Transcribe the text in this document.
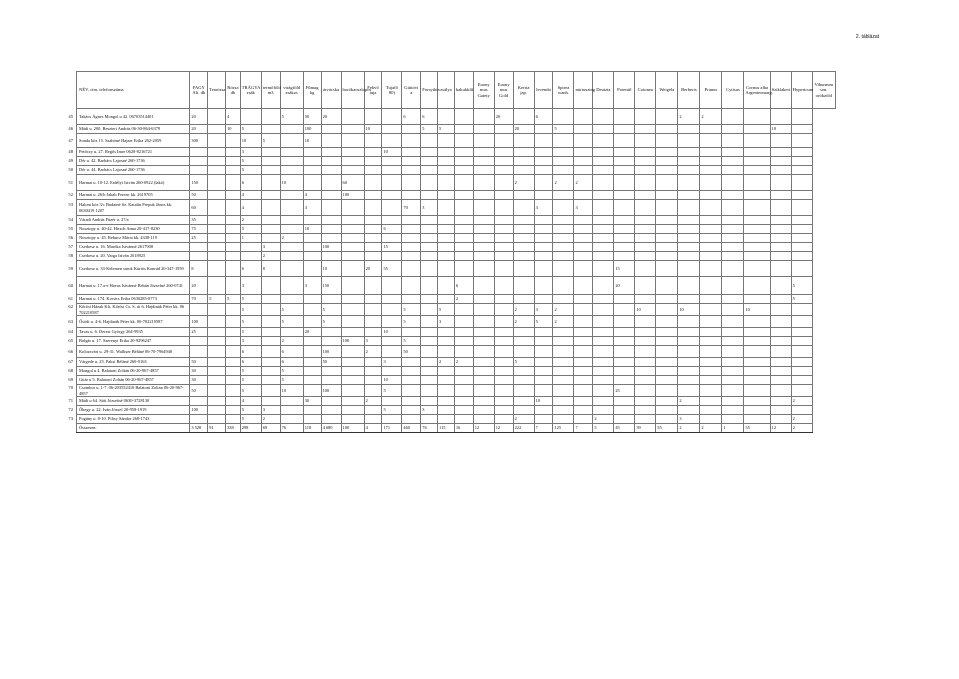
2. táblázat
NÉV, cím, telefonszáma	FAGY Ali. db	Tearózsa	Rózsa db	TRÁGYA zsák	termőföld m3	virágföld zsákos	Fűmag kg	árvácska	borókaoszlopos	Fekvő tuja	Tujafő 80)	Gúttövi a	Forsythia	zsálya	kakukkfű	Euony mus Gaiety	Euony mus Gold	Kerria jap.	levendu	Spirea wanh.	mirtuszing	Deutzia	Potentil	Cotonea	Weigela	Berberis	Prunus	Cytisus	Cornus alba Argenteomarg.	Sziklakert	Hypericum	Viburnum sen. orókzöld

45 Takács Ágnes Mongol u 42. 06703514401	20		4			5	50	20				6	6				20		6							2	2					

46 Mádi u. 200. Beszteri András 06-30-864-6379	20		10	5			100			10			5	5				20		5										10		

47 Sonda köz 15. Szabóné Hajzer Erika 262-2059	300			10	5		10																									

48 Petőczy u. 27. Regős Imre 0620-8216721				3							10																					

49 Dér u. 42. Barbács Lajosné 260-1736				5																												

50 Dér u. 44. Barbács Lajosné 260-1736				5																												

51 Harmat u. 10-12. Erdélyi István 260-0922 (lakó)	150			6		10			60									2		2	2											

52 Harmat u. 26/b Jakab Ferenc kk. 2619705	50			4			4		100																							

53 Halom köz 3/c Budainé Sz. Katalin Prepuk János kk. 0630419 1207	60			4			3					70	3						3		3											

54 Váradi András Füzér u. 27/a	35			2																												

55 Nosztopy u. 40-42. Hirsch Anna 20-417-8230	75			5			10				6																					

56 Nosztopy u. 45. Bebucz Mária kk. 4338-119	25			1		2																										

57 Cserkesz u. 16. Maróka Istvánné 2617908					3			100			15																					

58 Cserkesz u. 20. Varga István 2618925					2																											

59 Cserkesz u. 33-Kelemen sarok Kürtös Konrád 20-347-1959	8			6	8			10		20	55												15									

60 Harmat u. 17.a-e Havas Istvánné Bebán Józsefné 260-0741	20			3			3	150							6								20								5	

61 Harmat u. 174. Kovács Erika 0630285-8773	70	5	5	5											2																5	

62 Kőrösi Házak Kft. Kőrösi Cs. S. út 6. Hajdinák Péter kk. 06 702210587				5		5		5				5		5				2	3	2				10		10			10			

63 Ősödi u. 4-6. Hajdinák Péter kk. 06-702210587	100			5		5		5				5		3				2	5	2												

64 Tavas u. 6. Derzsi György 264-9935	25			5			20				10																					

65 Bolgár u. 17. Szerenyi Erika 20-9296247				3		2			100	3		5																				

66 Kolozsvári u. 29-31. Walliser Béláné 06-70-7964940				6		6		100		2		50																				

67 Várgede u. 25. Paksi Béláné 260-0163	50			6		6		50			3			2	2			5														

68 Mongol u 4. Balatoni Zoltán 06-20-967-4857	30			5		5																										

69 Gitár u 5. Balatoni Zoltán 06-20-967-4857	30			5		5					10																					

70 Csombor u. 1-7. 06-203552410 Balatoni Zoltán 06-20-967-4857	50			5		10		100			5												25									

71 Mádi u 64. Süti Józsefné 0630-3728130				4			30			2									10							2					2	

72 Őhegy u. 22. Iván József 20-958-1919	100			5	3						5		3																			

73 Pogány u. 8-10. Pilisy Sándor 260-1743				5	2													2				2				3					2	
Összesen:	3 528	91	338	298	69	76	118	4 680	100	4	171	460	76	115	16	12	12	222	7	125	7	5	45	39	55	2	2	1	35	12	2	
